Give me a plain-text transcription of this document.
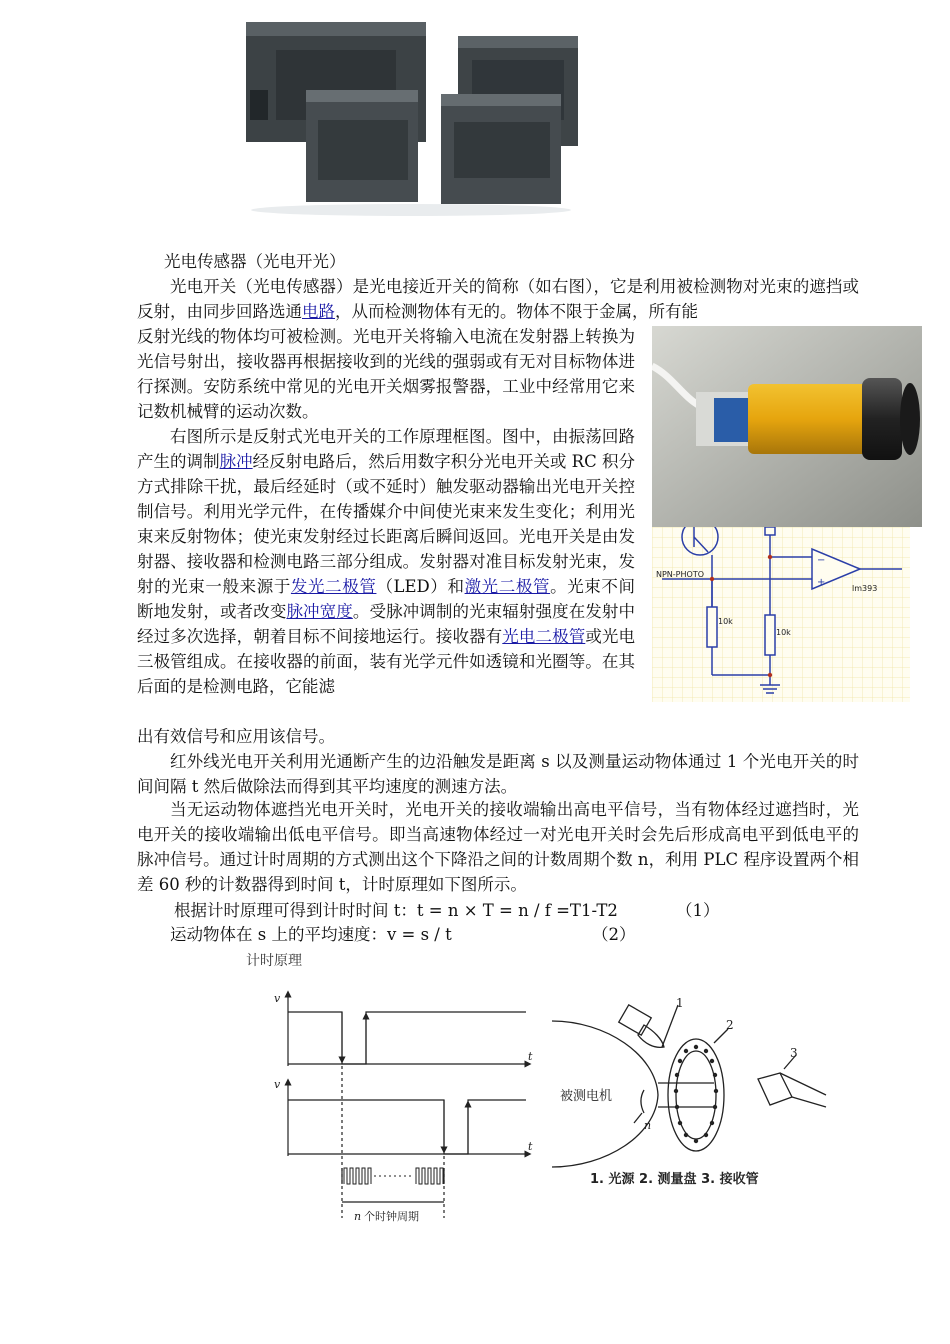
光电传感器（光电开光）
光电开关（光电传感器）是光电接近开关的简称（如右图），它是利用被检测物对光束的遮挡或反射，由同步回路选通电路，从而检测物体有无的。物体不限于金属，所有能
反射光线的物体均可被检测。光电开关将输入电流在发射器上转换为光信号射出，接收器再根据接收到的光线的强弱或有无对目标物体进行探测。安防系统中常见的光电开关烟雾报警器，工业中经常用它来记数机械臂的运动次数。
右图所示是反射式光电开关的工作原理框图。图中，由振荡回路产生的调制脉冲经反射电路后，然后用数字积分光电开关或 RC 积分方式排除干扰，最后经延时（或不延时）触发驱动器输出光电开关控制信号。利用光学元件，在传播媒介中间使光束来发生变化；利用光束来反射物体；使光束发射经过长距离后瞬间返回。光电开关是由发射器、接收器和检测电路三部分组成。发射器对准目标发射光束，发射的光束一般来源于发光二极管（LED）和激光二极管。光束不间断地发射，或者改变脉冲宽度。受脉冲调制的光束辐射强度在发射中经过多次选择，朝着目标不间接地运行。接收器有光电二极管或光电三极管组成。在接收器的前面，装有光学元件如透镜和光圈等。在其后面的是检测电路，它能滤
出有效信号和应用该信号。
−
+
NPN-PHOTO
10k
10k
lm393
红外线光电开关利用光通断产生的边沿触发是距离 s 以及测量运动物体通过 1 个光电开关的时间间隔 t 然后做除法而得到其平均速度的测速方法。
当无运动物体遮挡光电开关时，光电开关的接收端输出高电平信号，当有物体经过遮挡时，光电开关的接收端输出低电平信号。即当高速物体经过一对光电开关时会先后形成高电平到低电平的脉冲信号。通过计时周期的方式测出这个下降沿之间的计数周期个数 n，利用 PLC 程序设置两个相差 60 秒的计数器得到时间 t，计时原理如下图所示。
根据计时原理可得到计时时间 t：t = n × T = n / f =T1-T2	（1）
运动物体在 s 上的平均速度：v = s / t	（2）
计时原理
v
v
t
t
n 个时钟周期
被测电机
n
1
2
3
1. 光源 2. 测量盘 3. 接收管
